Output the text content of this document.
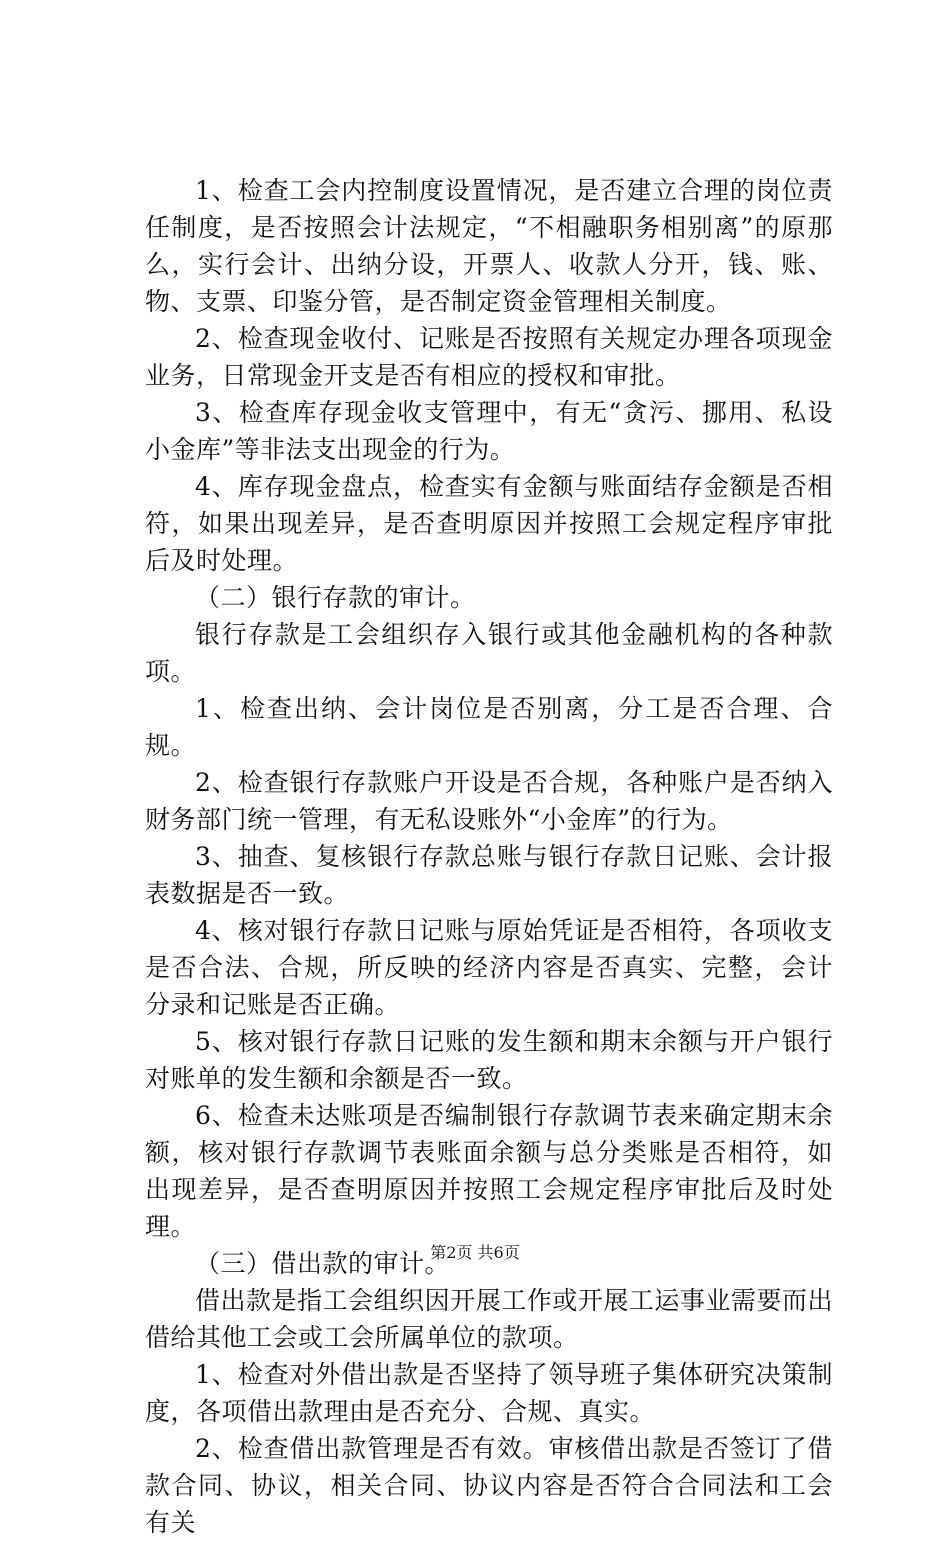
1、检查工会内控制度设置情况，是否建立合理的岗位责任制度，是否按照会计法规定，“不相融职务相别离”的原那么，实行会计、出纳分设，开票人、收款人分开，钱、账、物、支票、印鉴分管，是否制定资金管理相关制度。

2、检查现金收付、记账是否按照有关规定办理各项现金业务，日常现金开支是否有相应的授权和审批。

3、检查库存现金收支管理中，有无“贪污、挪用、私设小金库”等非法支出现金的行为。

4、库存现金盘点，检查实有金额与账面结存金额是否相符，如果出现差异，是否查明原因并按照工会规定程序审批后及时处理。

（二）银行存款的审计。

银行存款是工会组织存入银行或其他金融机构的各种款项。

1、检查出纳、会计岗位是否别离，分工是否合理、合规。

2、检查银行存款账户开设是否合规，各种账户是否纳入财务部门统一管理，有无私设账外“小金库”的行为。

3、抽查、复核银行存款总账与银行存款日记账、会计报表数据是否一致。

4、核对银行存款日记账与原始凭证是否相符，各项收支是否合法、合规，所反映的经济内容是否真实、完整，会计分录和记账是否正确。

5、核对银行存款日记账的发生额和期末余额与开户银行对账单的发生额和余额是否一致。

6、检查未达账项是否编制银行存款调节表来确定期末余额，核对银行存款调节表账面余额与总分类账是否相符，如出现差异，是否查明原因并按照工会规定程序审批后及时处理。

（三）借出款的审计。

借出款是指工会组织因开展工作或开展工运事业需要而出借给其他工会或工会所属单位的款项。

1、检查对外借出款是否坚持了领导班子集体研究决策制度，各项借出款理由是否充分、合规、真实。

2、检查借出款管理是否有效。审核借出款是否签订了借款合同、协议，相关合同、协议内容是否符合合同法和工会有关

第2页 共6页
